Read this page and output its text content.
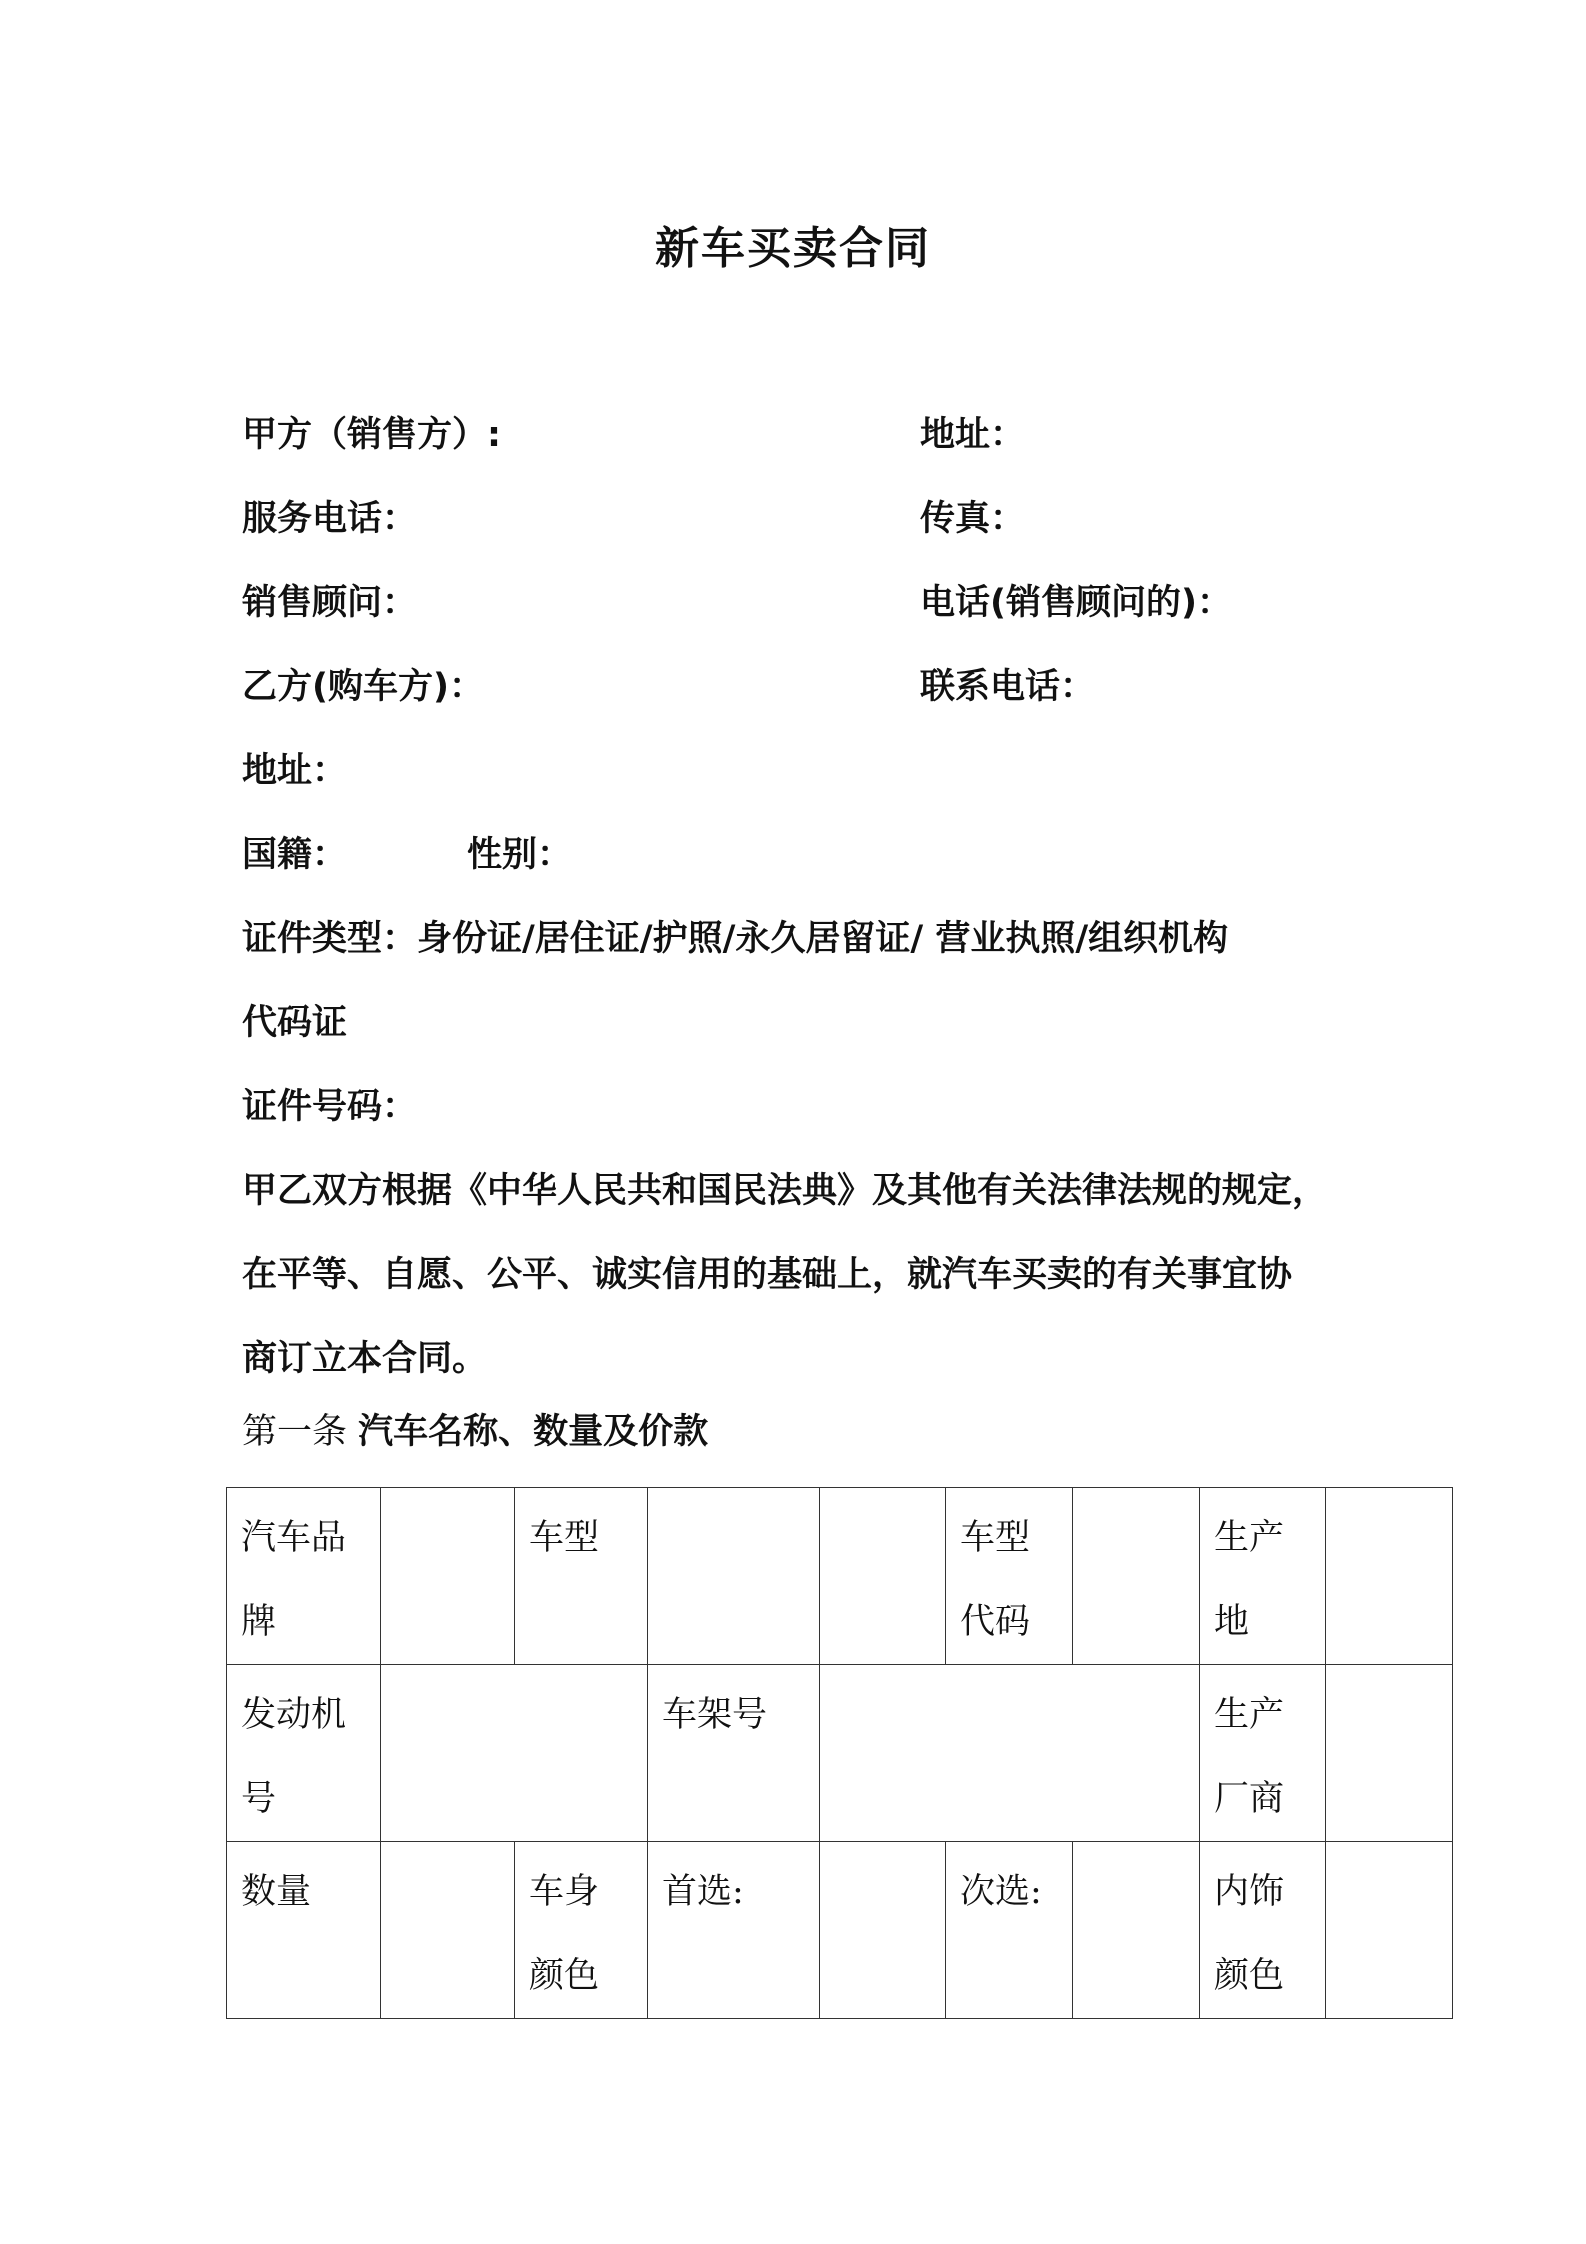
新车买卖合同
甲方（销售方）:	地址：
服务电话：	传真：
销售顾问：	电话(销售顾问的)：
乙方(购车方)：	联系电话：
地址：
国籍：	性别：
证件类型：身份证/居住证/护照/永久居留证/ 营业执照/组织机构
代码证
证件号码：
甲乙双方根据《中华人民共和国民法典》及其他有关法律法规的规定，
在平等、自愿、公平、诚实信用的基础上，就汽车买卖的有关事宜协
商订立本合同。
第一条 汽车名称、数量及价款
汽车品牌		车型			车型代码		生产地	
发动机号			车架号				生产厂商	
数量		车身颜色	首选:		次选:		内饰颜色	
